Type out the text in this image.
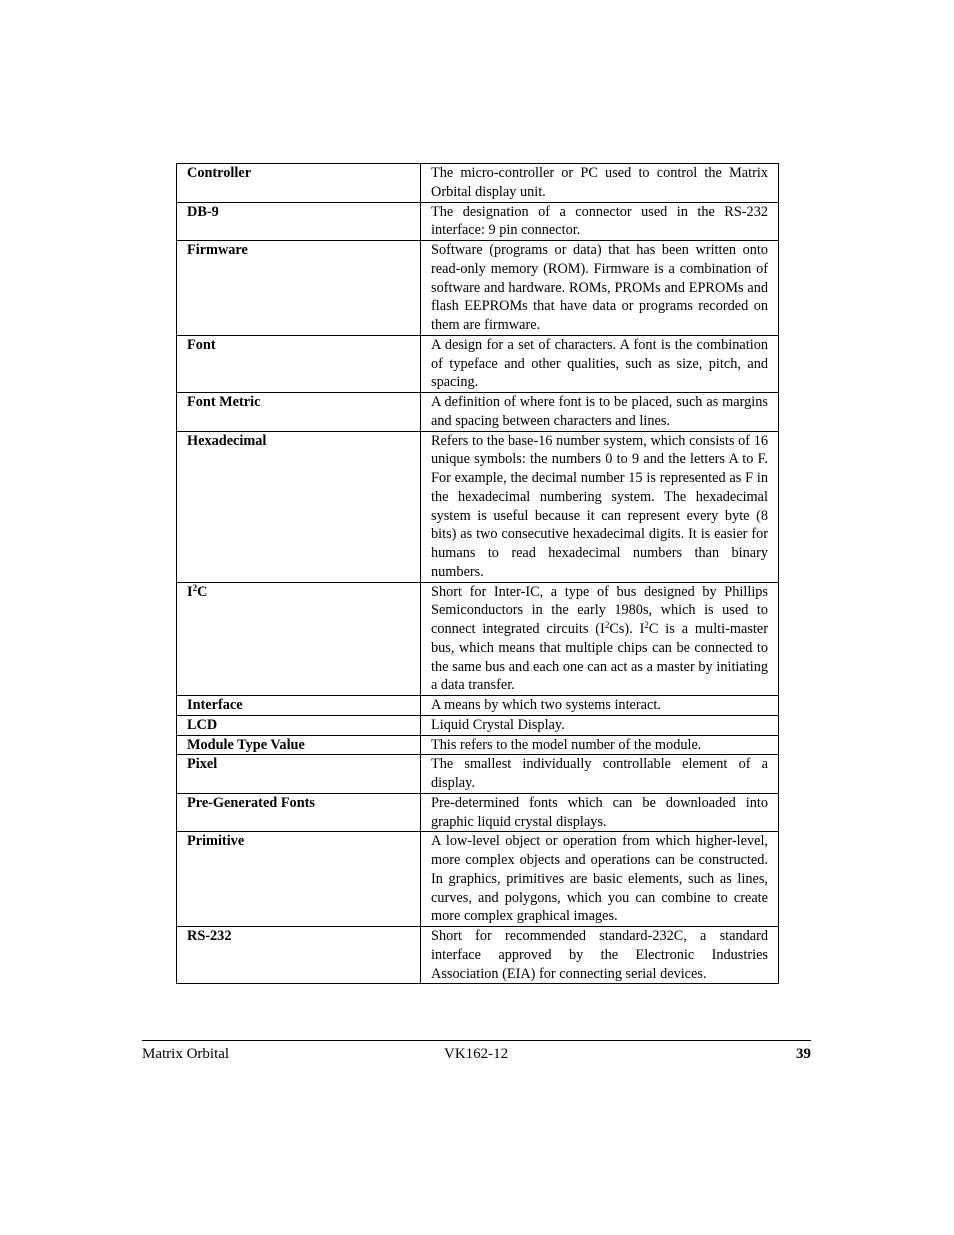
Controller	The micro-controller or PC used to control the Matrix Orbital display unit.
DB-9	The designation of a connector used in the RS-232 interface: 9 pin connector.
Firmware	Software (programs or data) that has been written onto read-only memory (ROM). Firmware is a combination of software and hardware. ROMs, PROMs and EPROMs and flash EEPROMs that have data or programs recorded on them are firmware.
Font	A design for a set of characters. A font is the combination of typeface and other qualities, such as size, pitch, and spacing.
Font Metric	A definition of where font is to be placed, such as margins and spacing between characters and lines.
Hexadecimal	Refers to the base-16 number system, which consists of 16 unique symbols: the numbers 0 to 9 and the letters A to F. For example, the decimal number 15 is represented as F in the hexadecimal numbering system. The hexadecimal system is useful because it can represent every byte (8 bits) as two consecutive hexadecimal digits. It is easier for humans to read hexadecimal numbers than binary numbers.
$I^2C$	Short for Inter-IC, a type of bus designed by Phillips Semiconductors in the early 1980s, which is used to connect integrated circuits $(I^2Cs)$. $I^2C$ is a multi-master bus, which means that multiple chips can be connected to the same bus and each one can act as a master by initiating a data transfer.
Interface	A means by which two systems interact.
LCD	Liquid Crystal Display.
Module Type Value	This refers to the model number of the module.
Pixel	The smallest individually controllable element of a display.
Pre-Generated Fonts	Pre-determined fonts which can be downloaded into graphic liquid crystal displays.
Primitive	A low-level object or operation from which higher-level, more complex objects and operations can be constructed. In graphics, primitives are basic elements, such as lines, curves, and polygons, which you can combine to create more complex graphical images.
RS-232	Short for recommended standard-232C, a standard interface approved by the Electronic Industries Association (EIA) for connecting serial devices.
Matrix Orbital	VK162-12	39
